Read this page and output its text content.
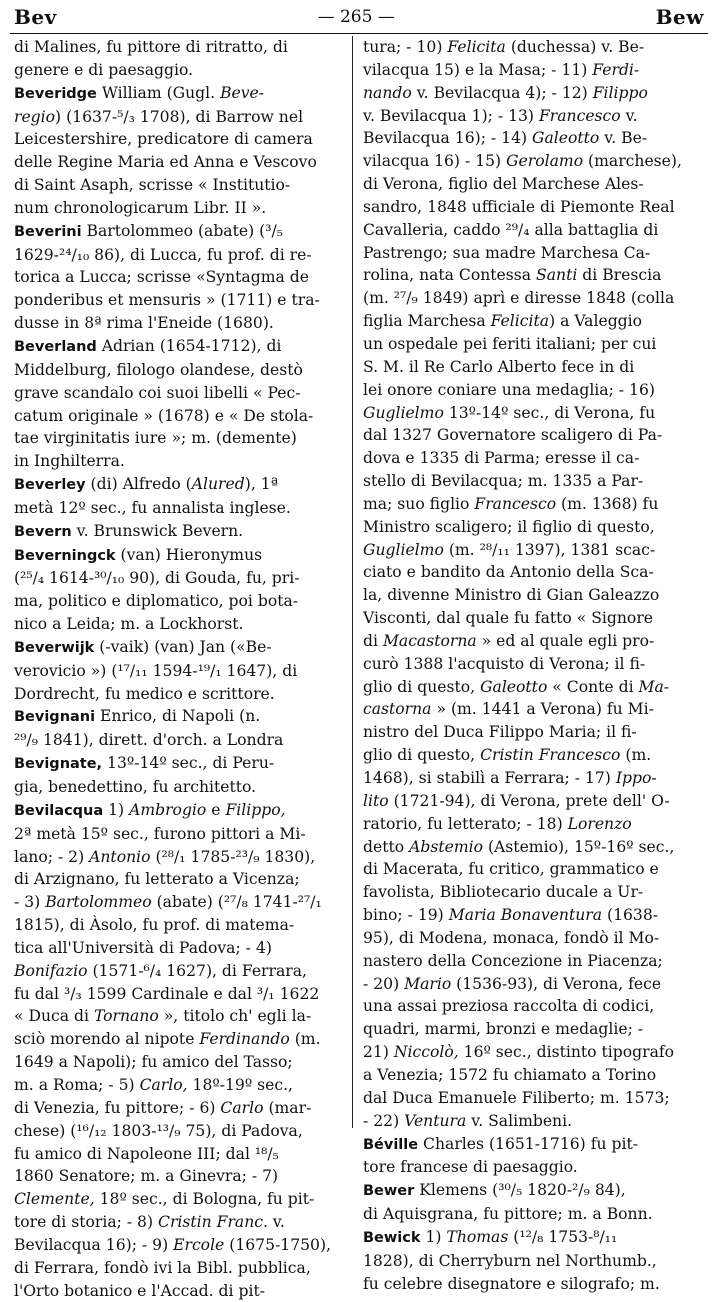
Bev	— 265 —	Bew
di Malines, fu pittore di ritratto, di
genere e di paesaggio.
Beveridge William (Gugl. Beve-
regio) (1637-⁵/₃ 1708), di Barrow nel
Leicestershire, predicatore di camera
delle Regine Maria ed Anna e Vescovo
di Saint Asaph, scrisse « Institutio-
num chronologicarum Libr. II ».
Beverini Bartolommeo (abate) (³/₅
1629-²⁴/₁₀ 86), di Lucca, fu prof. di re-
torica a Lucca; scrisse «Syntagma de
ponderibus et mensuris » (1711) e tra-
dusse in 8ª rima l'Eneide (1680).
Beverland Adrian (1654-1712), di
Middelburg, filologo olandese, destò
grave scandalo coi suoi libelli « Pec-
catum originale » (1678) e « De stola-
tae virginitatis iure »; m. (demente)
in Inghilterra.
Beverley (di) Alfredo (Alured), 1ª
metà 12º sec., fu annalista inglese.
Bevern v. Brunswick Bevern.
Beverningck (van) Hieronymus
(²⁵/₄ 1614-³⁰/₁₀ 90), di Gouda, fu, pri-
ma, politico e diplomatico, poi bota-
nico a Leida; m. a Lockhorst.
Beverwijk (-vaik) (van) Jan («Be-
verovicio ») (¹⁷/₁₁ 1594-¹⁹/₁ 1647), di
Dordrecht, fu medico e scrittore.
Bevignani Enrico, di Napoli (n.
²⁹/₉ 1841), dirett. d'orch. a Londra
Bevignate, 13º-14º sec., di Peru-
gia, benedettino, fu architetto.
Bevilacqua 1) Ambrogio e Filippo,
2ª metà 15º sec., furono pittori a Mi-
lano; - 2) Antonio (²⁸/₁ 1785-²³/₉ 1830),
di Arzignano, fu letterato a Vicenza;
- 3) Bartolommeo (abate) (²⁷/₈ 1741-²⁷/₁
1815), di Àsolo, fu prof. di matema-
tica all'Università di Padova; - 4)
Bonifazio (1571-⁶/₄ 1627), di Ferrara,
fu dal ³/₃ 1599 Cardinale e dal ³/₁ 1622
« Duca di Tornano », titolo ch' egli la-
sciò morendo al nipote Ferdinando (m.
1649 a Napoli); fu amico del Tasso;
m. a Roma; - 5) Carlo, 18º-19º sec.,
di Venezia, fu pittore; - 6) Carlo (mar-
chese) (¹⁶/₁₂ 1803-¹³/₉ 75), di Padova,
fu amico di Napoleone III; dal ¹⁸/₅
1860 Senatore; m. a Ginevra; - 7)
Clemente, 18º sec., di Bologna, fu pit-
tore di storia; - 8) Cristin Franc. v.
Bevilacqua 16); - 9) Ercole (1675-1750),
di Ferrara, fondò ivi la Bibl. pubblica,
l'Orto botanico e l'Accad. di pit-
tura; - 10) Felicita (duchessa) v. Be-
vilacqua 15) e la Masa; - 11) Ferdi-
nando v. Bevilacqua 4); - 12) Filippo
v. Bevilacqua 1); - 13) Francesco v.
Bevilacqua 16); - 14) Galeotto v. Be-
vilacqua 16) - 15) Gerolamo (marchese),
di Verona, figlio del Marchese Ales-
sandro, 1848 ufficiale di Piemonte Real
Cavalleria, caddo ²⁹/₄ alla battaglia di
Pastrengo; sua madre Marchesa Ca-
rolina, nata Contessa Santi di Brescia
(m. ²⁷/₉ 1849) aprì e diresse 1848 (colla
figlia Marchesa Felicita) a Valeggio
un ospedale pei feriti italiani; per cui
S. M. il Re Carlo Alberto fece in di
lei onore coniare una medaglia; - 16)
Guglielmo 13º-14º sec., di Verona, fu
dal 1327 Governatore scaligero di Pa-
dova e 1335 di Parma; eresse il ca-
stello di Bevilacqua; m. 1335 a Par-
ma; suo figlio Francesco (m. 1368) fu
Ministro scaligero; il figlio di questo,
Guglielmo (m. ²⁸/₁₁ 1397), 1381 scac-
ciato e bandito da Antonio della Sca-
la, divenne Ministro di Gian Galeazzo
Visconti, dal quale fu fatto « Signore
di Macastorna » ed al quale egli pro-
curò 1388 l'acquisto di Verona; il fi-
glio di questo, Galeotto « Conte di Ma-
castorna » (m. 1441 a Verona) fu Mi-
nistro del Duca Filippo Maria; il fi-
glio di questo, Cristin Francesco (m.
1468), si stabilì a Ferrara; - 17) Ippo-
lito (1721-94), di Verona, prete dell' O-
ratorio, fu letterato; - 18) Lorenzo
detto Abstemio (Astemio), 15º-16º sec.,
di Macerata, fu critico, grammatico e
favolista, Bibliotecario ducale a Ur-
bino; - 19) Maria Bonaventura (1638-
95), di Modena, monaca, fondò il Mo-
nastero della Concezione in Piacenza;
- 20) Mario (1536-93), di Verona, fece
una assai preziosa raccolta di codici,
quadri, marmi, bronzi e medaglie; -
21) Niccolò, 16º sec., distinto tipografo
a Venezia; 1572 fu chiamato a Torino
dal Duca Emanuele Filiberto; m. 1573;
- 22) Ventura v. Salimbeni.
Béville Charles (1651-1716) fu pit-
tore francese di paesaggio.
Bewer Klemens (³⁰/₅ 1820-²/₉ 84),
di Aquisgrana, fu pittore; m. a Bonn.
Bewick 1) Thomas (¹²/₈ 1753-⁸/₁₁
1828), di Cherryburn nel Northumb.,
fu celebre disegnatore e silografo; m.
